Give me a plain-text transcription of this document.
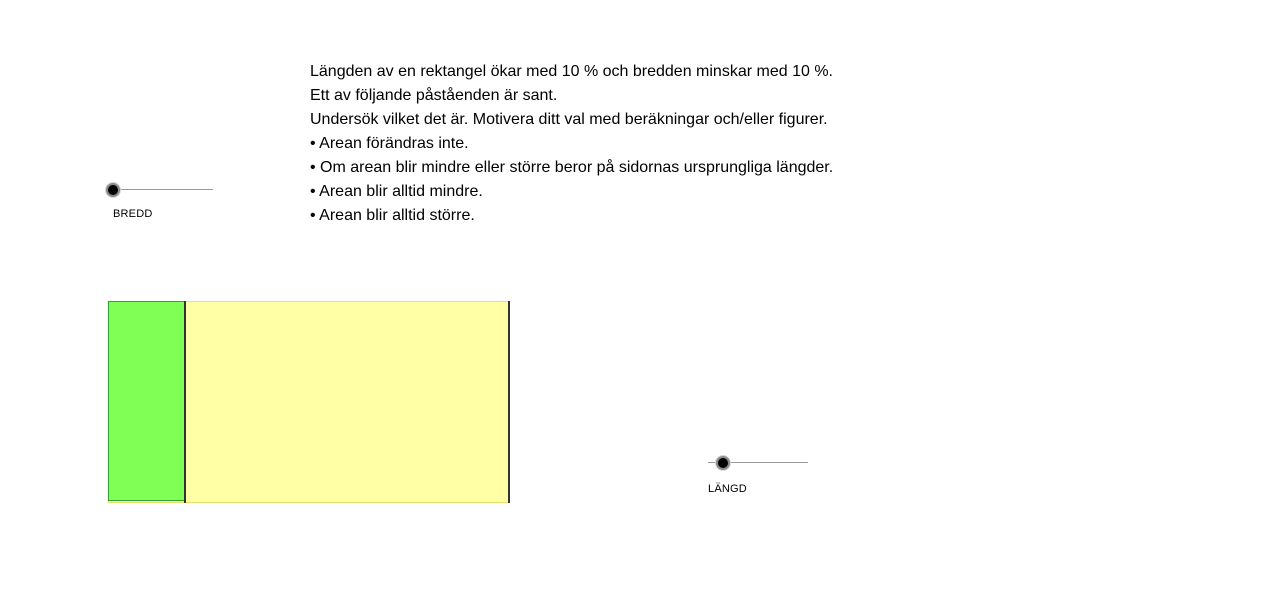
Längden av en rektangel ökar med 10 % och bredden minskar med 10 %.
Ett av följande påståenden är sant.
Undersök vilket det är. Motivera ditt val med beräkningar och/eller figurer.
• Arean förändras inte.
• Om arean blir mindre eller större beror på sidornas ursprungliga längder.
• Arean blir alltid mindre.
• Arean blir alltid större.
BREDD
LÄNGD
